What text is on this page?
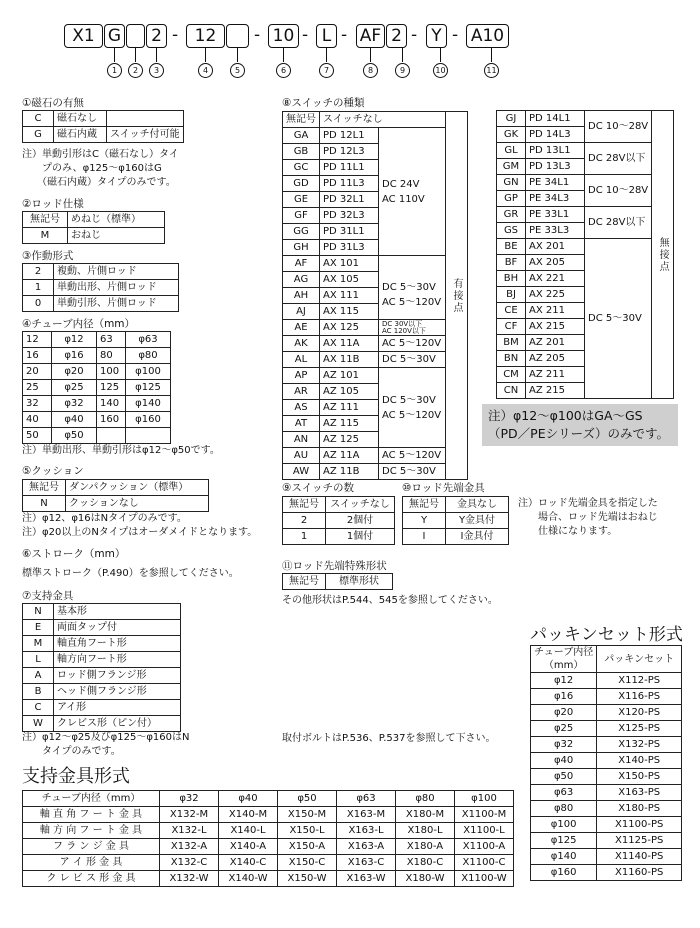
X1 G 2	12	10	L	AF 2	Y	A10
-	- - -	- -
1	2	3	4	5	6	7	8	9	10	11
①磁石の有無
C	磁石なし	
G	磁石内蔵	スイッチ付可能
注）単動引形はC（磁石なし）タイ
　　プのみ、φ125～φ160はG
　　（磁石内蔵）タイプのみです。
②ロッド仕様
無記号	めねじ（標準）
M	おねじ
③作動形式
2	複動、片側ロッド
1	単動出形、片側ロッド
0	単動引形、片側ロッド
④チューブ内径（mm）
12	φ12	63	φ63
16	φ16	80	φ80
20	φ20	100	φ100
25	φ25	125	φ125
32	φ32	140	φ140
40	φ40	160	φ160
50	φ50		
注）単動出形、単動引形はφ12～φ50です。
⑤クッション
無記号	ダンパクッション（標準）
N	クッションなし
注）φ12、φ16はNタイプのみです。
注）φ20以上のNタイプはオーダメイドとなります。
⑥ストローク（mm）
標準ストローク（P.490）を参照してください。
⑦支持金具
N	基本形
E	両面タップ付
M	軸直角フート形
L	軸方向フート形
A	ロッド側フランジ形
B	ヘッド側フランジ形
C	アイ形
W	クレビス形（ピン付）
注）φ12～φ25及びφ125～φ160はN
　　タイプのみです。
⑧スイッチの種類
無記号	スイッチなし		有接点

GA	PD 12L1	DC 24V
AC 110V	

GB	PD 12L3		
GC	PD 11L1		
GD	PD 11L3		
GE	PD 32L1		
GF	PD 32L3		
GG	PD 31L1		
GH	PD 31L3		
AF	AX 101		
AG	AX 105	DC 5～30V
AC 5～120V	

AH	AX 111		
AJ	AX 115		
AE	AX 125	DC 30V以下
AC 120V以下	

AK	AX 11A	AC 5～120V	

AL	AX 11B	DC 5～30V	

AP	AZ 101	DC 5～30V
AC 5～120V	

AR	AZ 105		
AS	AZ 111		
AT	AZ 115		
AN	AZ 125		
AU	AZ 11A	AC 5～120V	

AW	AZ 11B	DC 5～30V	
GJ	PD 14L1	DC 10～28V	無接点

GK	PD 14L3		
GL	PD 13L1	DC 28V以下	
GM	PD 13L3		
GN	PE 34L1	DC 10～28V	
GP	PE 34L3		
GR	PE 33L1	DC 28V以下	
GS	PE 33L3		
BE	AX 201	DC 5～30V	
BF	AX 205		
BH	AX 221		
BJ	AX 225		
CE	AX 211		
CF	AX 215		
BM	AZ 201		
BN	AZ 205		
CM	AZ 211		
CN	AZ 215		
注）φ12～φ100はGA～GS
（PD／PEシリーズ）のみです。
⑨スイッチの数
無記号	スイッチなし
2	2個付
1	1個付
⑩ロッド先端金具
無記号	金具なし
Y	Y金具付
I	I金具付
注）ロッド先端金具を指定した
　　場合、ロッド先端はおねじ
　　仕様になります。
⑪ロッド先端特殊形状
無記号	標準形状
その他形状はP.544、545を参照してください。
取付ボルトはP.536、P.537を参照して下さい。
パッキンセット形式
チューブ内径
（mm）	パッキンセット
φ12	X112-PS
φ16	X116-PS
φ20	X120-PS
φ25	X125-PS
φ32	X132-PS
φ40	X140-PS
φ50	X150-PS
φ63	X163-PS
φ80	X180-PS
φ100	X1100-PS
φ125	X1125-PS
φ140	X1140-PS
φ160	X1160-PS
支持金具形式
チューブ内径（mm）	φ32	φ40	φ50	φ63	φ80	φ100
軸 直 角 フ ー ト 金 具	X132-M	X140-M	X150-M	X163-M	X180-M	X1100-M
軸 方 向 フ ー ト 金 具	X132-L	X140-L	X150-L	X163-L	X180-L	X1100-L
フ ラ ン ジ 金 具	X132-A	X140-A	X150-A	X163-A	X180-A	X1100-A
ア イ 形 金 具	X132-C	X140-C	X150-C	X163-C	X180-C	X1100-C
ク レ ビ ス 形 金 具	X132-W	X140-W	X150-W	X163-W	X180-W	X1100-W
